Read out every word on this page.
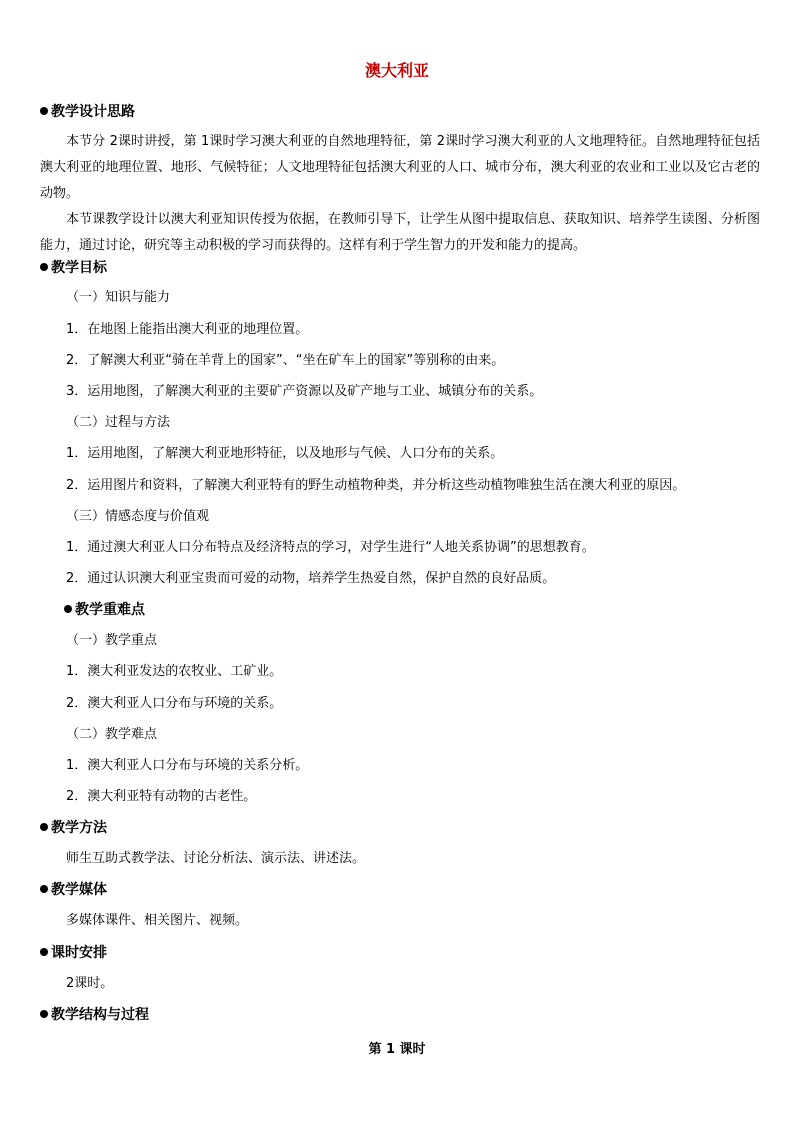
澳大利亚
教学设计思路
本节分 2课时讲授，第 1课时学习澳大利亚的自然地理特征，第 2课时学习澳大利亚的人文地理特征。自然地理特征包括澳大利亚的地理位置、地形、气候特征；人文地理特征包括澳大利亚的人口、城市分布，澳大利亚的农业和工业以及它古老的动物。
本节课教学设计以澳大利亚知识传授为依据，在教师引导下，让学生从图中提取信息、获取知识、培养学生读图、分析图能力，通过讨论，研究等主动积极的学习而获得的。这样有利于学生智力的开发和能力的提高。
教学目标
（一）知识与能力
1．在地图上能指出澳大利亚的地理位置。
2．了解澳大利亚“骑在羊背上的国家”、“坐在矿车上的国家”等别称的由来。
3．运用地图，了解澳大利亚的主要矿产资源以及矿产地与工业、城镇分布的关系。
（二）过程与方法
1．运用地图，了解澳大利亚地形特征，以及地形与气候、人口分布的关系。
2．运用图片和资料，了解澳大利亚特有的野生动植物种类，并分析这些动植物唯独生活在澳大利亚的原因。
（三）情感态度与价值观
1．通过澳大利亚人口分布特点及经济特点的学习，对学生进行“人地关系协调”的思想教育。
2．通过认识澳大利亚宝贵而可爱的动物，培养学生热爱自然，保护自然的良好品质。
教学重难点
（一）教学重点
1．澳大利亚发达的农牧业、工矿业。
2．澳大利亚人口分布与环境的关系。
（二）教学难点
1．澳大利亚人口分布与环境的关系分析。
2．澳大利亚特有动物的古老性。
教学方法
师生互助式教学法、讨论分析法、演示法、讲述法。
教学媒体
多媒体课件、相关图片、视频。
课时安排
2课时。
教学结构与过程
第 1 课时
